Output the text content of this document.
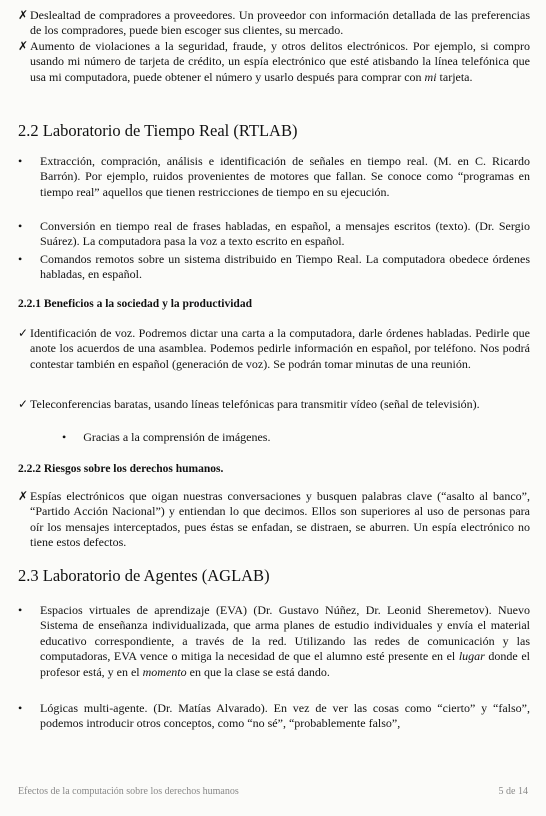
✗ Deslealtad de compradores a proveedores. Un proveedor con información detallada de las preferencias de los compradores, puede bien escoger sus clientes, su mercado.
✗ Aumento de violaciones a la seguridad, fraude, y otros delitos electrónicos. Por ejemplo, si compro usando mi número de tarjeta de crédito, un espía electrónico que esté atisbando la línea telefónica que usa mi computadora, puede obtener el número y usarlo después para comprar con mi tarjeta.
2.2 Laboratorio de Tiempo Real (RTLAB)
•	Extracción, compración, análisis e identificación de señales en tiempo real. (M. en C. Ricardo Barrón). Por ejemplo, ruidos provenientes de motores que fallan. Se conoce como “programas en tiempo real” aquellos que tienen restricciones de tiempo en su ejecución.
•	Conversión en tiempo real de frases habladas, en español, a mensajes escritos (texto). (Dr. Sergio Suárez). La computadora pasa la voz a texto escrito en español.
•	Comandos remotos sobre un sistema distribuido en Tiempo Real. La computadora obedece órdenes habladas, en español.
2.2.1 Beneficios a la sociedad y la productividad
✓ Identificación de voz. Podremos dictar una carta a la computadora, darle órdenes habladas. Pedirle que anote los acuerdos de una asamblea. Podemos pedirle información en español, por teléfono. Nos podrá contestar también en español (generación de voz). Se podrán tomar minutas de una reunión.
✓ Teleconferencias baratas, usando líneas telefónicas para transmitir vídeo (señal de televisión).
• Gracias a la comprensión de imágenes.
2.2.2 Riesgos sobre los derechos humanos.
✗ Espías electrónicos que oigan nuestras conversaciones y busquen palabras clave (“asalto al banco”, “Partido Acción Nacional”) y entiendan lo que decimos. Ellos son superiores al uso de personas para oír los mensajes interceptados, pues éstas se enfadan, se distraen, se aburren. Un espía electrónico no tiene estos defectos.
2.3 Laboratorio de Agentes (AGLAB)
•	Espacios virtuales de aprendizaje (EVA) (Dr. Gustavo Núñez, Dr. Leonid Sheremetov). Nuevo Sistema de enseñanza individualizada, que arma planes de estudio individuales y envía el material educativo correspondiente, a través de la red. Utilizando las redes de comunicación y las computadoras, EVA vence o mitiga la necesidad de que el alumno esté presente en el lugar donde el profesor está, y en el momento en que la clase se está dando.
•	Lógicas multi-agente. (Dr. Matías Alvarado). En vez de ver las cosas como “cierto” y “falso”, podemos introducir otros conceptos, como “no sé”, “probablemente falso”,
Efectos de la computación sobre los derechos humanos	5 de 14
